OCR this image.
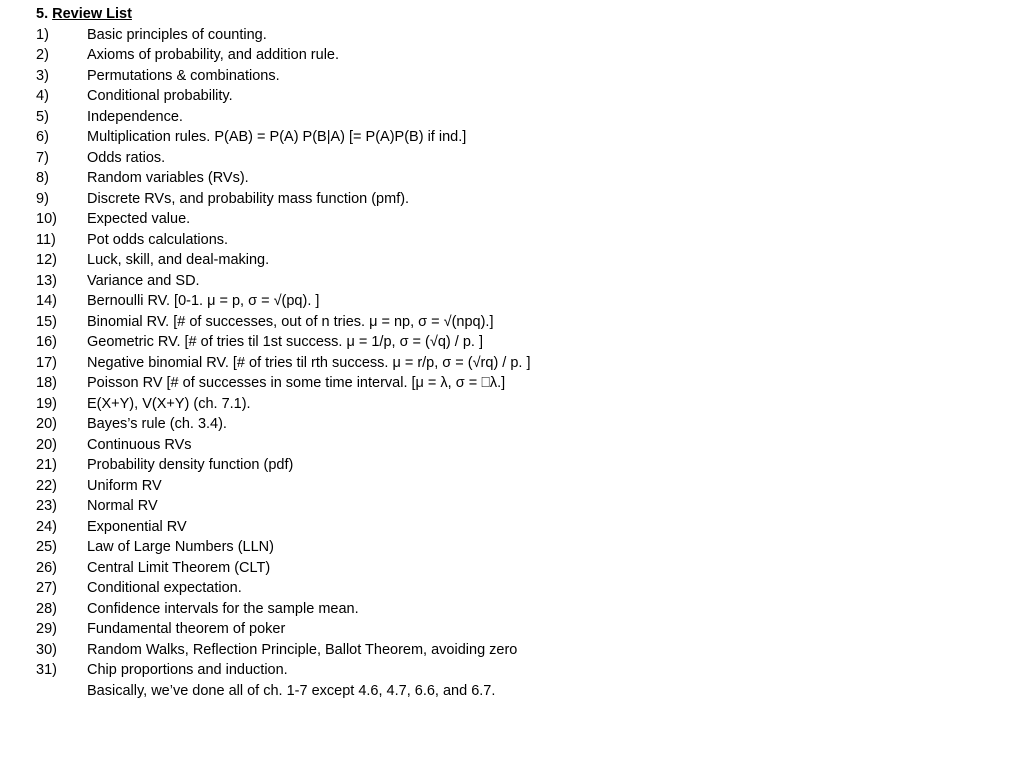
5. Review List
1)	Basic principles of counting.
2)	Axioms of probability, and addition rule.
3)	Permutations & combinations.
4)	Conditional probability.
5)	Independence.
6)	Multiplication rules. P(AB) = P(A) P(B|A) [= P(A)P(B) if ind.]
7)	Odds ratios.
8)	Random variables (RVs).
9)	Discrete RVs, and probability mass function (pmf).
10)	Expected value.
11)	Pot odds calculations.
12)	Luck, skill, and deal-making.
13)	Variance and SD.
14)	Bernoulli RV. [0-1. μ = p, σ = √(pq). ]
15)	Binomial RV. [# of successes, out of n tries. μ = np, σ = √(npq).]
16)	Geometric RV. [# of tries til 1st success. μ = 1/p, σ = (√q) / p. ]
17)	Negative binomial RV. [# of tries til rth success. μ = r/p, σ = (√rq) / p. ]
18)	Poisson RV [# of successes in some time interval. [μ = λ, σ = ⎕λ.]
19)	E(X+Y), V(X+Y) (ch. 7.1).
20)	Bayes’s rule (ch. 3.4).
20)	Continuous RVs
21)	Probability density function (pdf)
22)	Uniform RV
23)	Normal RV
24)	Exponential RV
25)	Law of Large Numbers (LLN)
26)	Central Limit Theorem (CLT)
27)	Conditional expectation.
28)	Confidence intervals for the sample mean.
29)	Fundamental theorem of poker
30)	Random Walks, Reflection Principle, Ballot Theorem, avoiding zero
31)	Chip proportions and induction.
Basically, we’ve done all of ch. 1-7 except 4.6, 4.7, 6.6, and 6.7.
